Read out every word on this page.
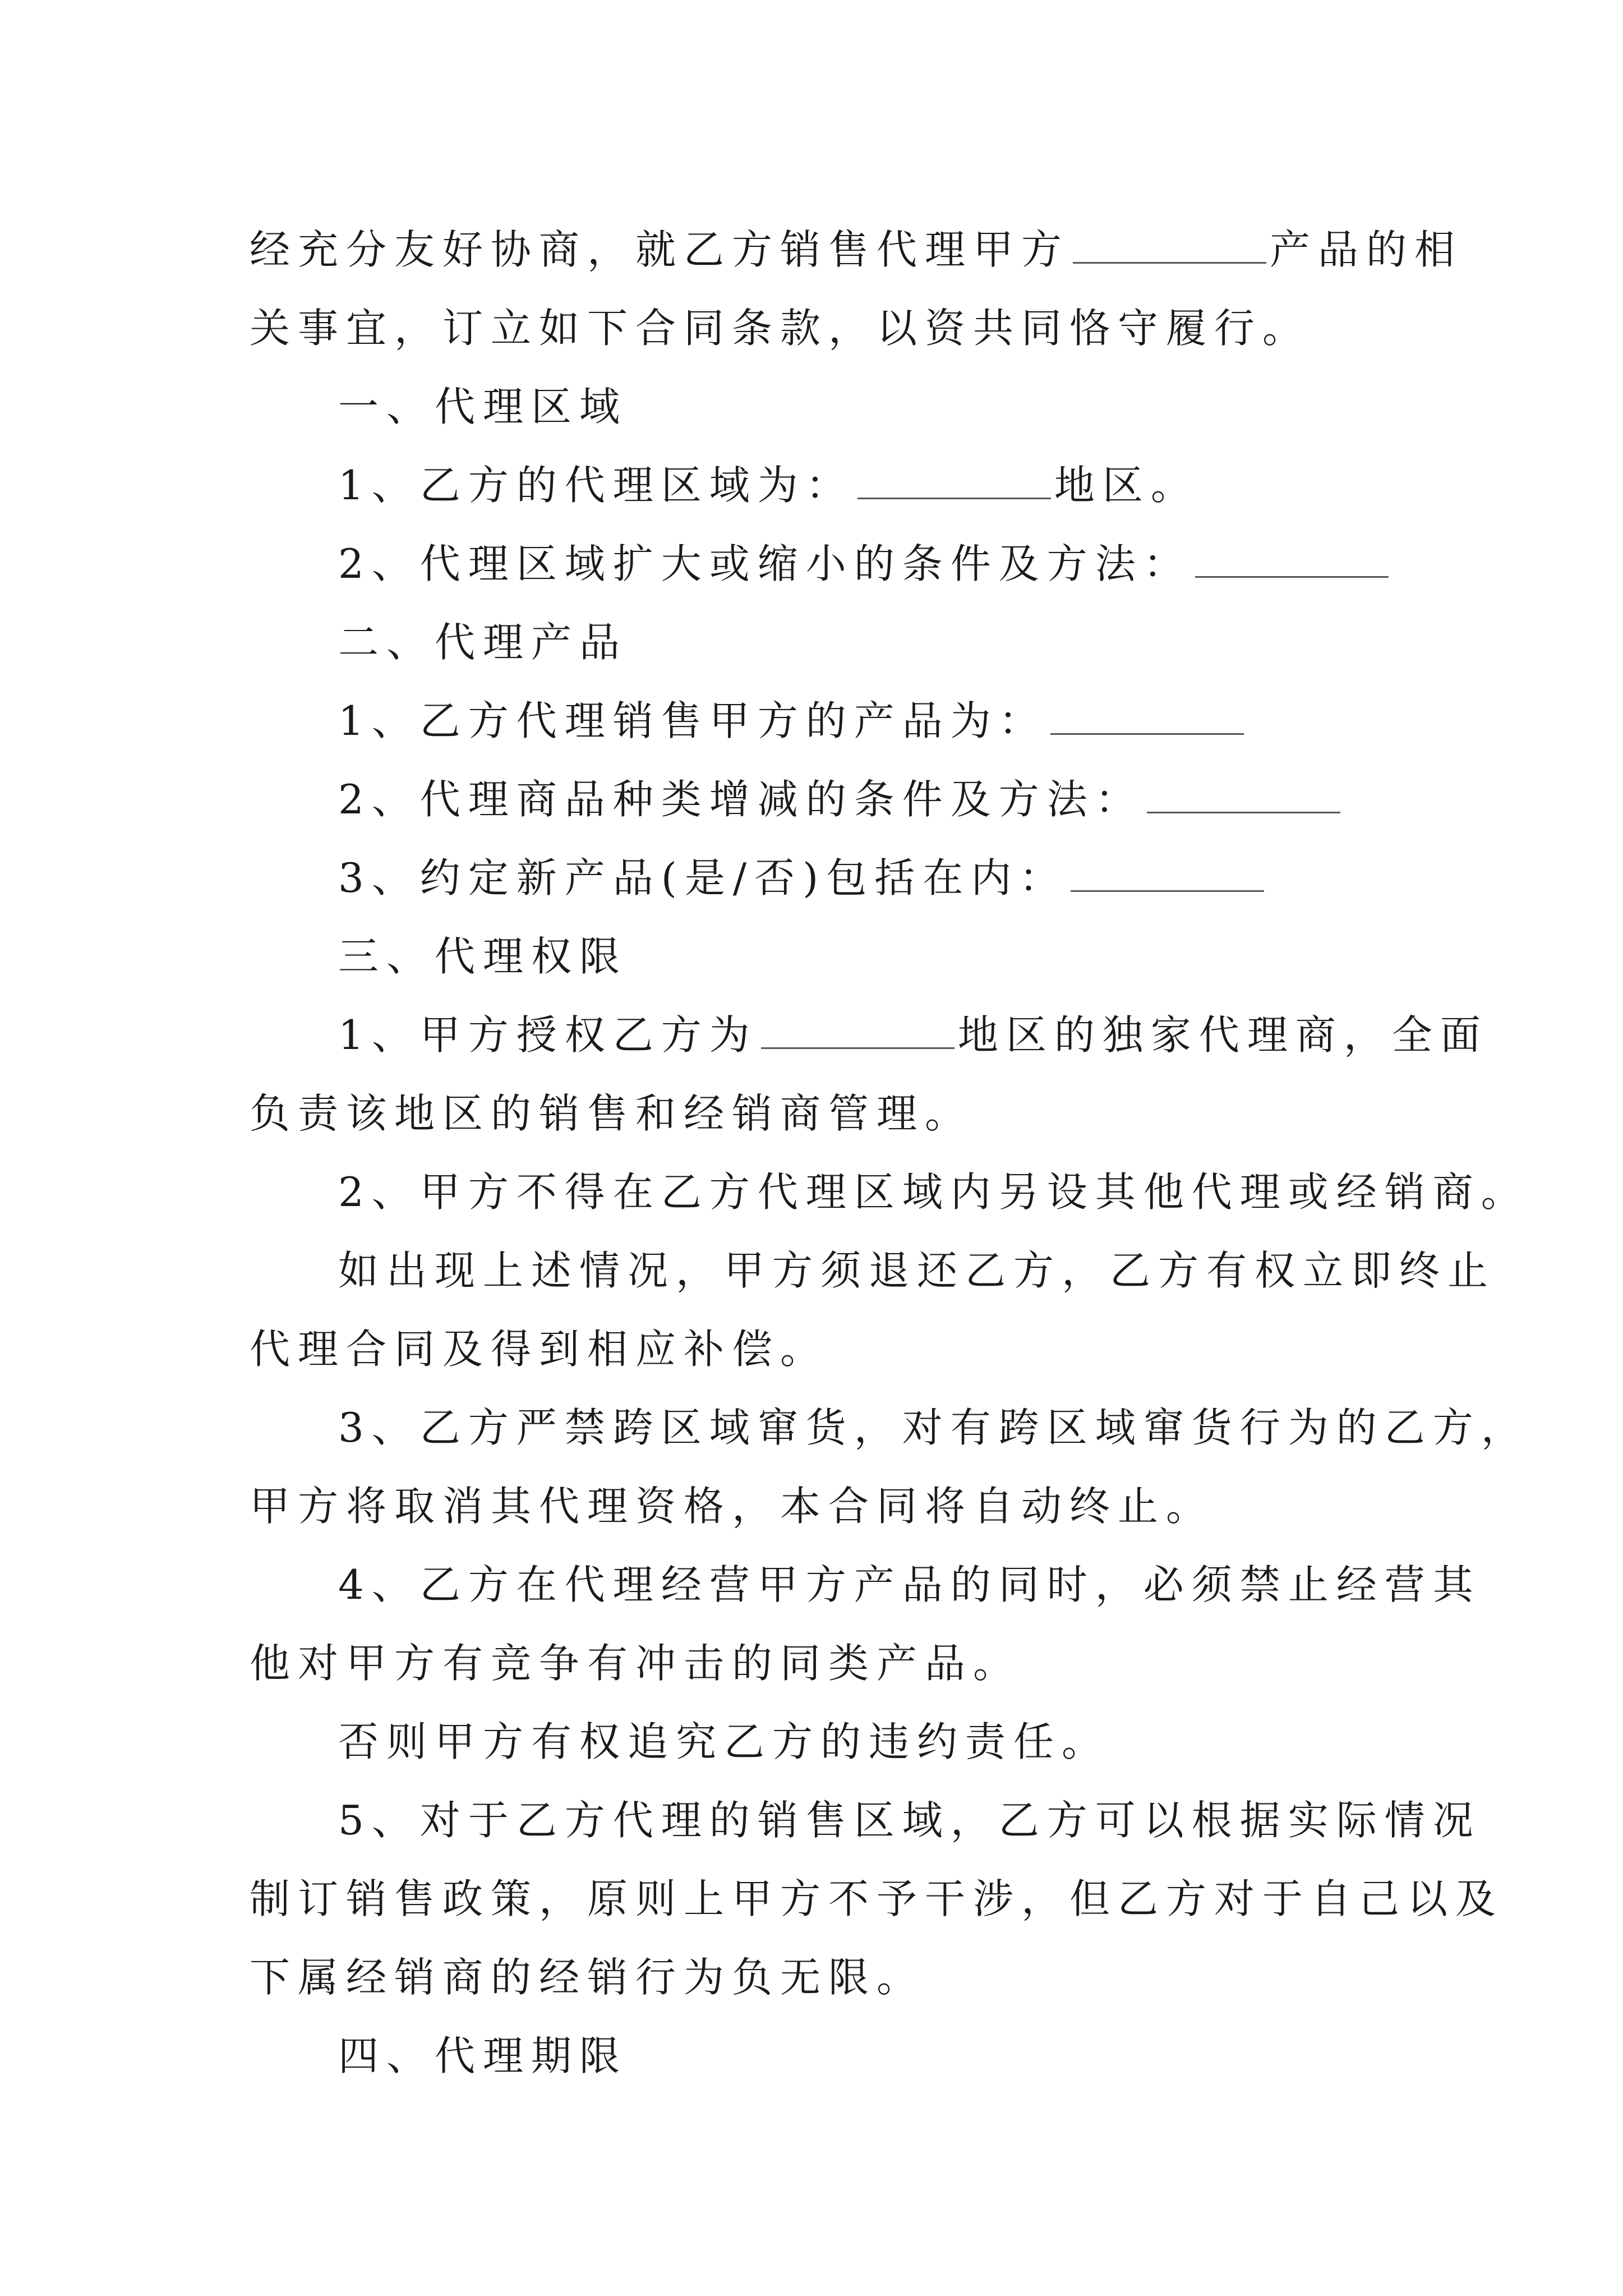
经充分友好协商，就乙方销售代理甲方	产品的相
关事宜，订立如下合同条款，以资共同恪守履行。
一、代理区域
1、乙方的代理区域为：	地区。
2、代理区域扩大或缩小的条件及方法：
二、代理产品
1、乙方代理销售甲方的产品为：
2、代理商品种类增减的条件及方法：
3、约定新产品(是/否)包括在内：
三、代理权限
1、甲方授权乙方为	地区的独家代理商，全面
负责该地区的销售和经销商管理。
2、甲方不得在乙方代理区域内另设其他代理或经销商。
如出现上述情况，甲方须退还乙方，乙方有权立即终止
代理合同及得到相应补偿。
3、乙方严禁跨区域窜货，对有跨区域窜货行为的乙方，
甲方将取消其代理资格，本合同将自动终止。
4、乙方在代理经营甲方产品的同时，必须禁止经营其
他对甲方有竞争有冲击的同类产品。
否则甲方有权追究乙方的违约责任。
5、对于乙方代理的销售区域，乙方可以根据实际情况
制订销售政策，原则上甲方不予干涉，但乙方对于自己以及
下属经销商的经销行为负无限。
四、代理期限
